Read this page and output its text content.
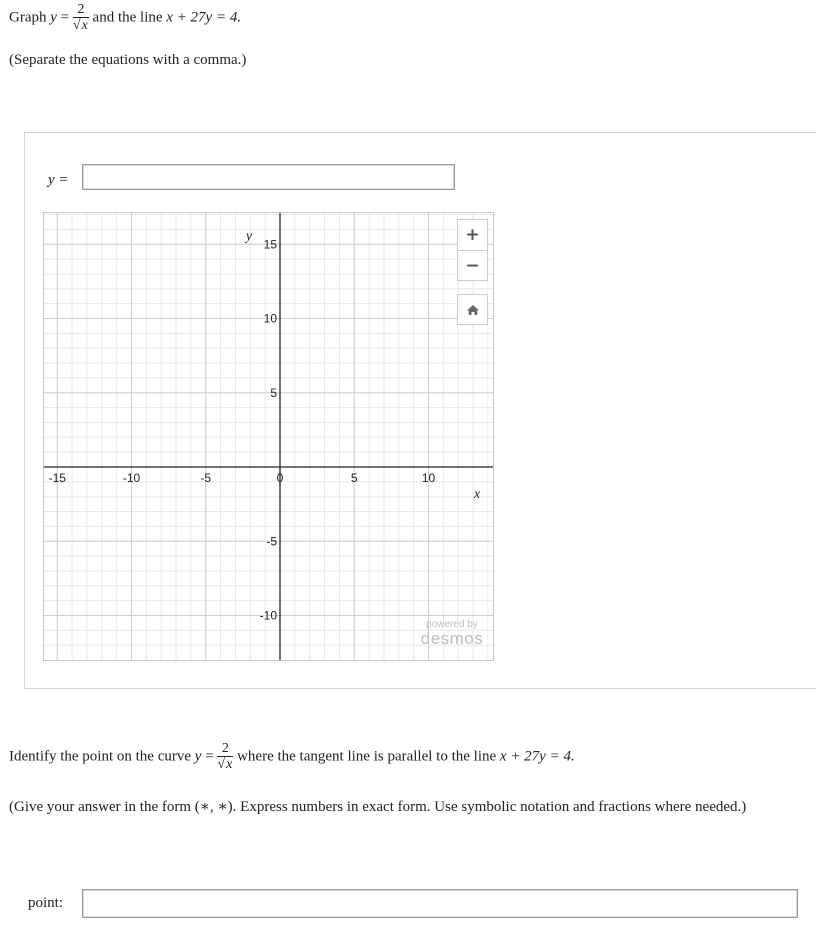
Graph $y = \frac{2}{√x}$ and the line x + 27y = 4.
(Separate the equations with a comma.)
y =
-15	-10	-5	0	5	10
15
10
5
-5
-10
x
y	+
−
powered by
desmos
Identify the point on the curve $y = \frac{2}{√x}$ where the tangent line is parallel to the line x + 27y = 4.
(Give your answer in the form (∗, ∗). Express numbers in exact form. Use symbolic notation and fractions where needed.)
point:
